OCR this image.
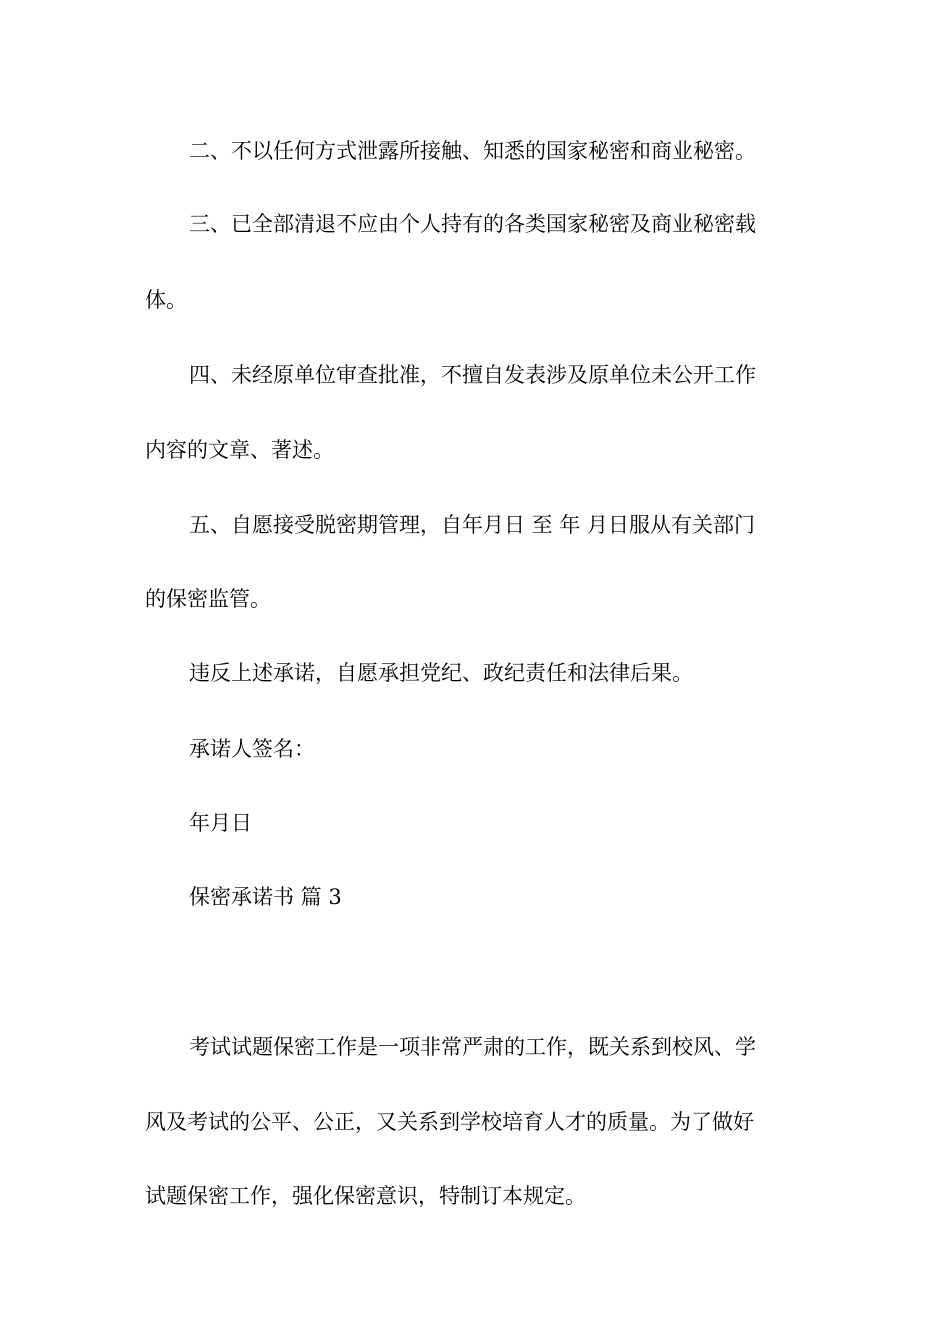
二、不以任何方式泄露所接触、知悉的国家秘密和商业秘密。
三、已全部清退不应由个人持有的各类国家秘密及商业秘密载
体。
四、未经原单位审查批准，不擅自发表涉及原单位未公开工作
内容的文章、著述。
五、自愿接受脱密期管理，自年月日 至 年 月日服从有关部门
的保密监管。
违反上述承诺，自愿承担党纪、政纪责任和法律后果。
承诺人签名：
年月日
保密承诺书 篇 3
考试试题保密工作是一项非常严肃的工作，既关系到校风、学
风及考试的公平、公正，又关系到学校培育人才的质量。为了做好
试题保密工作，强化保密意识，特制订本规定。
